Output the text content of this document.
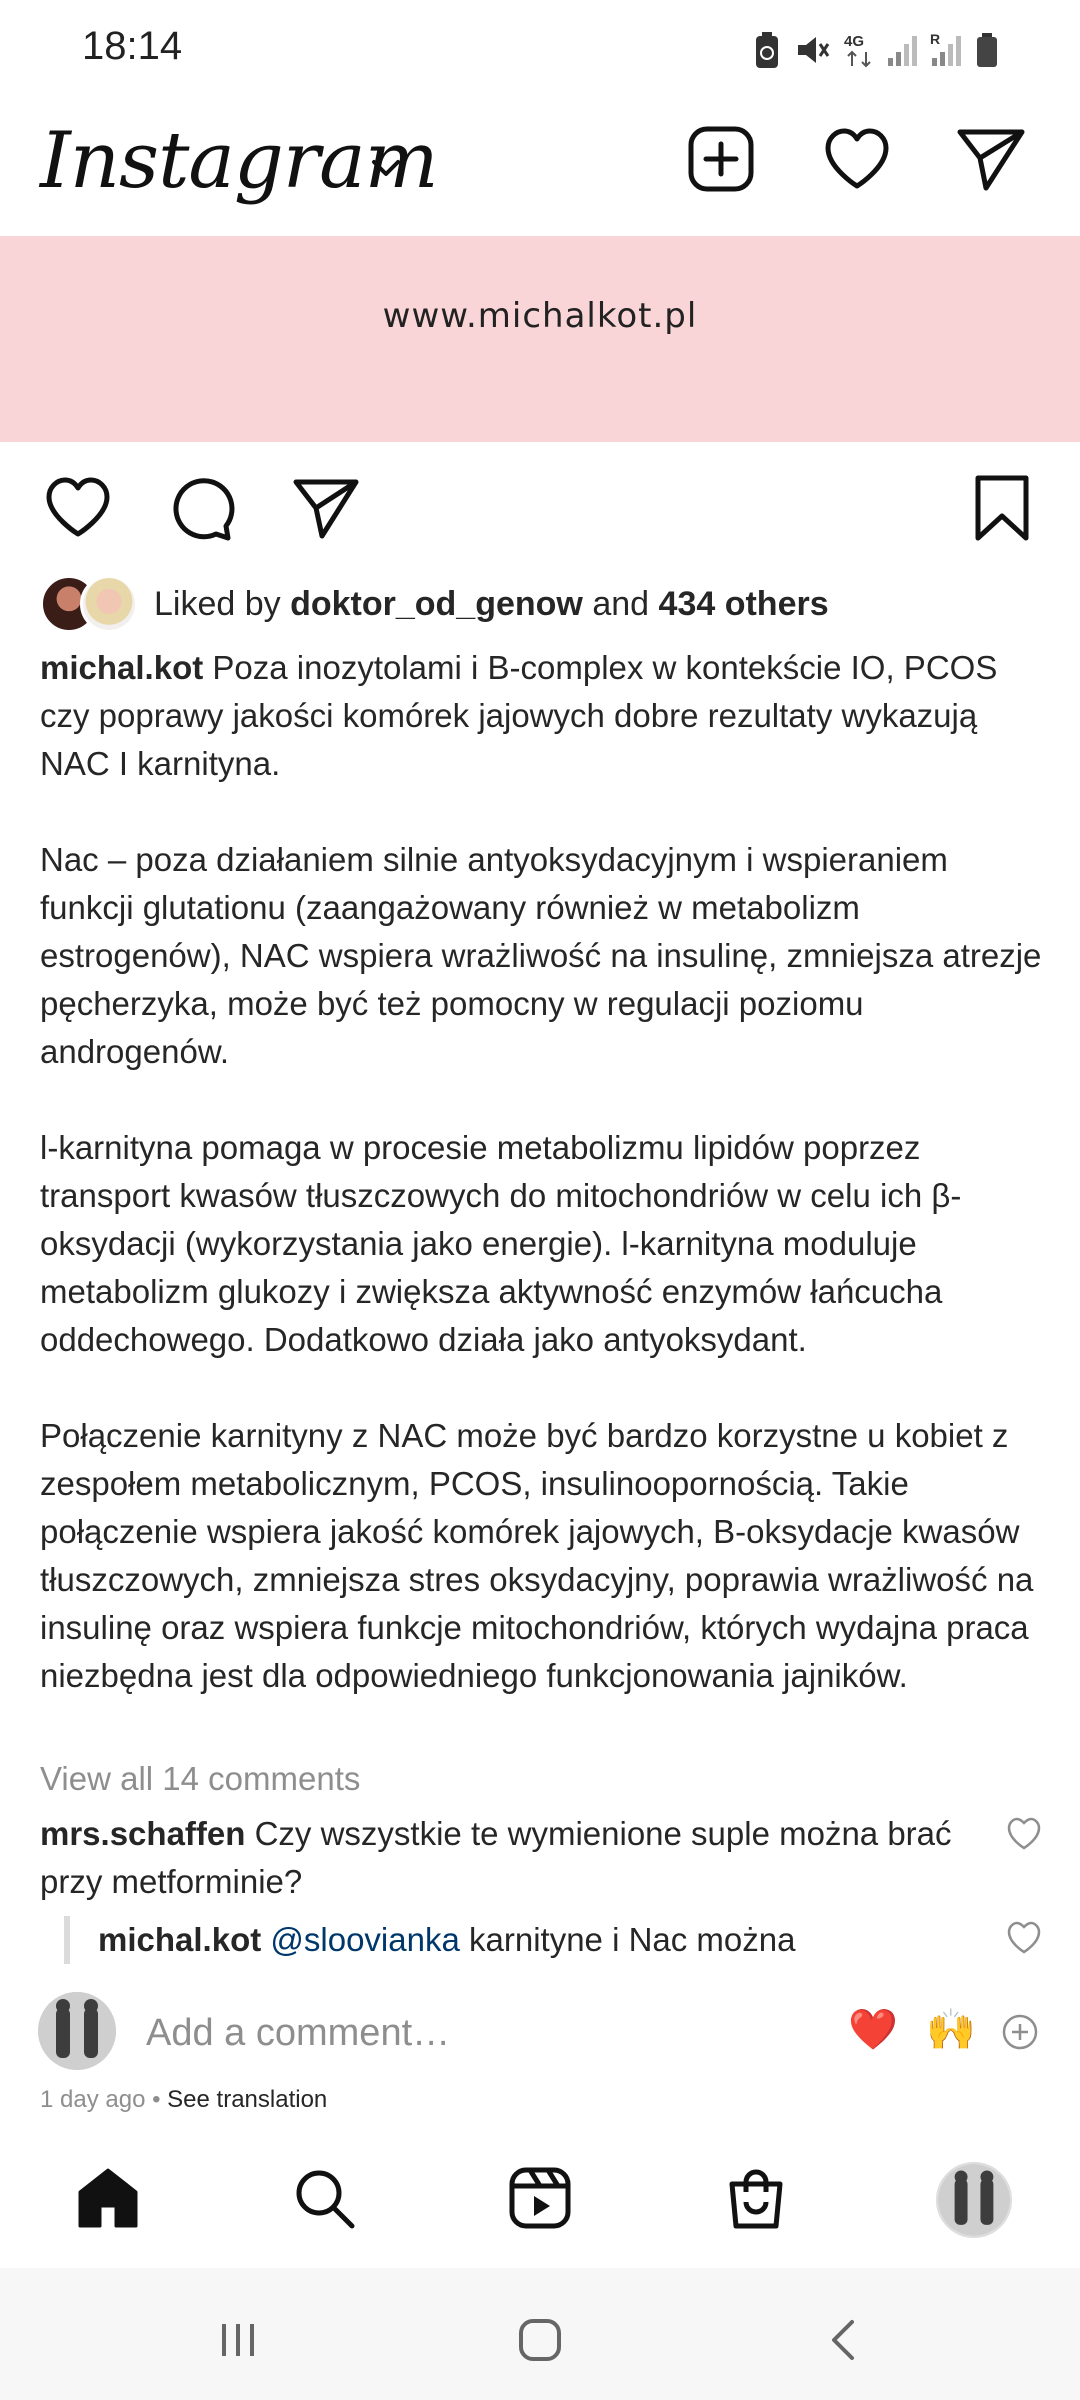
18:14	4G	R
Instagram
www.michalkot.pl
Liked by doktor_od_genow and 434 others

michal.kot Poza inozytolami i B-complex w kontekście IO, PCOS czy poprawy jakości komórek jajowych dobre rezultaty wykazują NAC I karnityna.

Nac – poza działaniem silnie antyoksydacyjnym i wspieraniem funkcji glutationu (zaangażowany również w metabolizm estrogenów), NAC wspiera wrażliwość na insulinę, zmniejsza atrezje pęcherzyka, może być też pomocny w regulacji poziomu androgenów.

l-karnityna pomaga w procesie metabolizmu lipidów poprzez transport kwasów tłuszczowych do mitochondriów w celu ich β-oksydacji (wykorzystania jako energie). l-karnityna moduluje metabolizm glukozy i zwiększa aktywność enzymów łańcucha oddechowego. Dodatkowo działa jako antyoksydant.

Połączenie karnityny z NAC może być bardzo korzystne u kobiet z zespołem metabolicznym, PCOS, insulinoopornością. Takie połączenie wspiera jakość komórek jajowych, B-oksydacje kwasów tłuszczowych, zmniejsza stres oksydacyjny, poprawia wrażliwość na insulinę oraz wspiera funkcje mitochondriów, których wydajna praca niezbędna jest dla odpowiedniego funkcjonowania jajników.

View all 14 comments
mrs.schaffen Czy wszystkie te wymienione suple można brać przy metforminie?
michal.kot @sloovianka karnityne i Nac można
Add a comment…	❤️ 🙌
1 day ago • See translation
